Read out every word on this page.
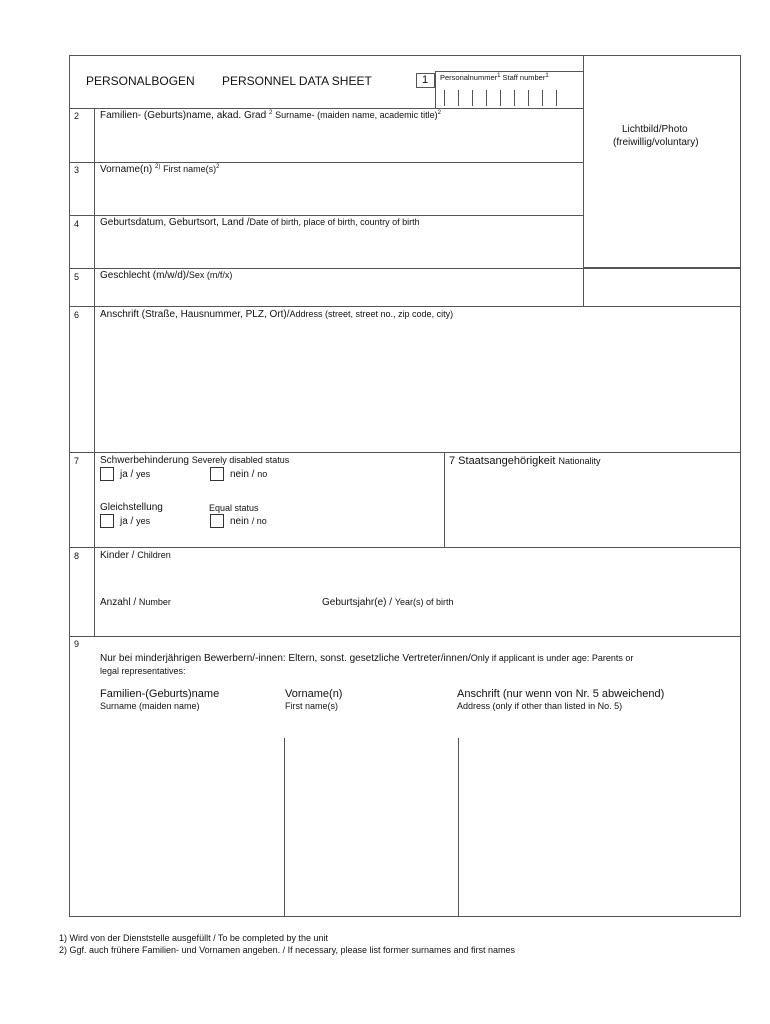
PERSONALBOGEN PERSONNEL DATA SHEET	1 Personalnummer$^1$ Staff number$^1$
Lichtbild/Photo
(freiwillig/voluntary)
2 Familien- (Geburts)name, akad. Grad $^2$ Surname- (maiden name, academic title)$^2$
3 Vorname(n) $^{2)}$ First $name(s)^2$
4 Geburtsdatum, Geburtsort, Land /Date of birth, place of birth, country of birth
5 Geschlecht (m/w/d)/Sex (m/f/x)
6 Anschrift (Straße, Hausnummer, PLZ, Ort)/Address (street, street no., zip code, city)
7 Schwerbehinderung Severely disabled status
ja / yes	nein / no
Gleichstellung	Equal status
ja / yes	nein / no
7 Staatsangehörigkeit Nationality
8 Kinder / Children
Anzahl / Number	Geburtsjahr(e) / Year(s) of birth
9
Nur bei minderjährigen Bewerbern/-innen: Eltern, sonst. gesetzliche Vertreter/innen/Only if applicant is under age: Parents or
legal representatives:
Familien-(Geburts)name
Surname (maiden name)
Vorname(n)
First name(s)
Anschrift (nur wenn von Nr. 5 abweichend)
Address (only if other than listed in No. 5)
1) Wird von der Dienststelle ausgefüllt / To be completed by the unit
2) Ggf. auch frühere Familien- und Vornamen angeben. / If necessary, please list former surnames and first names
